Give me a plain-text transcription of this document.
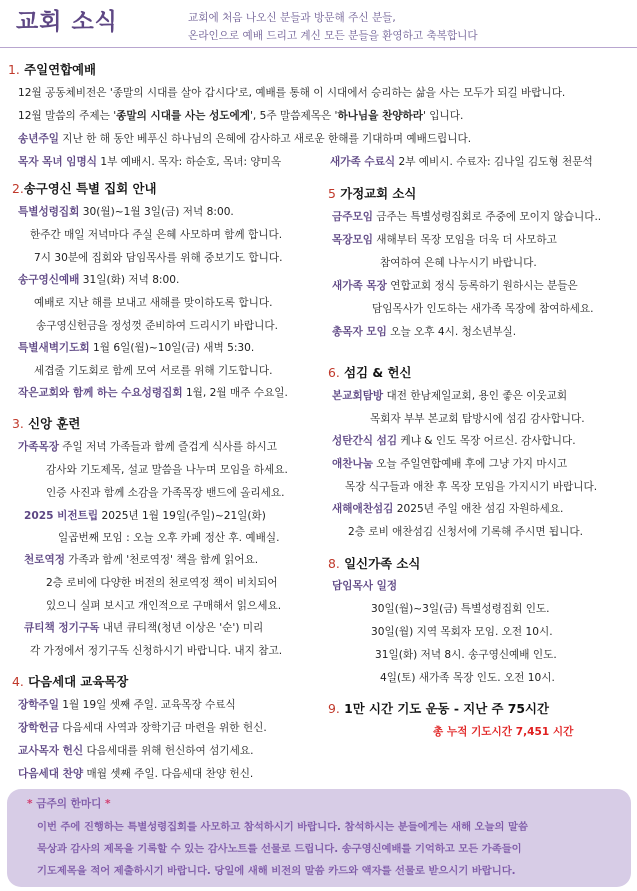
교회 소식	교회에 처음 나오신 분들과 방문해 주신 분들,
온라인으로 예배 드리고 계신 모든 분들을 환영하고 축복합니다
1. 주일연합예배
12월 공동체비전은 '종말의 시대를 살아 갑시다'로, 예배를 통해 이 시대에서 승리하는 삶을 사는 모두가 되길 바랍니다.
12월 말씀의 주제는 '종말의 시대를 사는 성도에게', 5주 말씀제목은 '하나님을 찬양하라' 입니다.
송년주일 지난 한 해 동안 베푸신 하나님의 은혜에 감사하고 새로운 한해를 기대하며 예배드립니다.
목자 목녀 임명식 1부 예배시. 목자: 하순호, 목녀: 양미옥	새가족 수료식 2부 예비시. 수료자: 김나일 김도형 천문석
2.송구영신 특별 집회 안내
특별성령집회 30(월)~1월 3일(금) 저녁 8:00.
한주간 매일 저녁마다 주실 은혜 사모하며 함께 합니다.
7시 30분에 집회와 담임목사를 위해 중보기도 합니다.
송구영신예배 31일(화) 저녁 8:00.
예배로 지난 해를 보내고 새해를 맞이하도록 합니다.
송구영신헌금을 정성껏 준비하여 드리시기 바랍니다.
특별새벽기도회 1월 6일(월)~10일(금) 새벽 5:30.
세겹줄 기도회로 함께 모여 서로를 위해 기도합니다.
작은교회와 함께 하는 수요성령집회 1월, 2월 매주 수요일.
3. 신앙 훈련
가족목장 주일 저녁 가족들과 함께 즐겁게 식사를 하시고
감사와 기도제목, 설교 말씀을 나누며 모임을 하세요.
인증 사진과 함께 소감을 가족목장 밴드에 올리세요.
2025 비전트립 2025년 1월 19일(주일)~21일(화)
일곱번째 모임 : 오늘 오후 카페 정산 후. 예배실.
천로역정 가족과 함께 '천로역정' 책을 함께 읽어요.
2층 로비에 다양한 버전의 천로역정 책이 비치되어
있으니 실펴 보시고 개인적으로 구매해서 읽으세요.
큐티책 정기구독 내년 큐티책(청년 이상은 '순') 미리
각 가정에서 정기구독 신청하시기 바랍니다. 내지 참고.
4. 다음세대 교육목장
장학주일 1월 19일 셋째 주일. 교육목장 수료식
장학헌금 다음세대 사역과 장학기금 마련을 위한 헌신.
교사목자 헌신 다음세대를 위해 헌신하여 섬기세요.
다음세대 찬양 매월 셋째 주일. 다음세대 찬양 헌신.
5 가정교회 소식
금주모임 금주는 특별성령집회로 주중에 모이지 않습니다..
목장모임 새해부터 목장 모임을 더욱 더 사모하고
참여하여 은혜 나누시기 바랍니다.
새가족 목장 연합교회 정식 등록하기 원하시는 분들은
담임목사가 인도하는 새가족 목장에 참여하세요.
총목자 모임 오늘 오후 4시. 청소년부실.
6. 섬김 & 헌신
본교회탐방 대전 한남제일교회, 용인 좋은 이웃교회
목회자 부부 본교회 탐방시에 섬김 감사합니다.
성탄간식 섬김 케냐 & 인도 목장 어르신. 감사합니다.
애찬나눔 오늘 주일연합예배 후에 그냥 가지 마시고
목장 식구들과 애찬 후 목장 모임을 가지시기 바랍니다.
새해애찬섬김 2025년 주일 애찬 섬김 자원하세요.
2층 로비 애찬섬김 신청서에 기록해 주시면 됩니다.
8. 일신가족 소식
담임목사 일정
30일(월)~3일(금) 특별성령집회 인도.
30일(월) 지역 목회자 모임. 오전 10시.
31일(화) 저녁 8시. 송구영신예배 인도.
4일(토) 새가족 목장 인도. 오전 10시.
9. 1만 시간 기도 운동 - 지난 주 75시간
총 누적 기도시간 7,451 시간
* 금주의 한마디 *
이번 주에 진행하는 특별성령집회를 사모하고 참석하시기 바랍니다. 참석하시는 분들에게는 새해 오늘의 말씀
묵상과 감사의 제목을 기록할 수 있는 감사노트를 선물로 드립니다. 송구영신예배를 기억하고 모든 가족들이
기도제목을 적어 제출하시기 바랍니다. 당일에 새해 비전의 말씀 카드와 액자를 선물로 받으시기 바랍니다.
